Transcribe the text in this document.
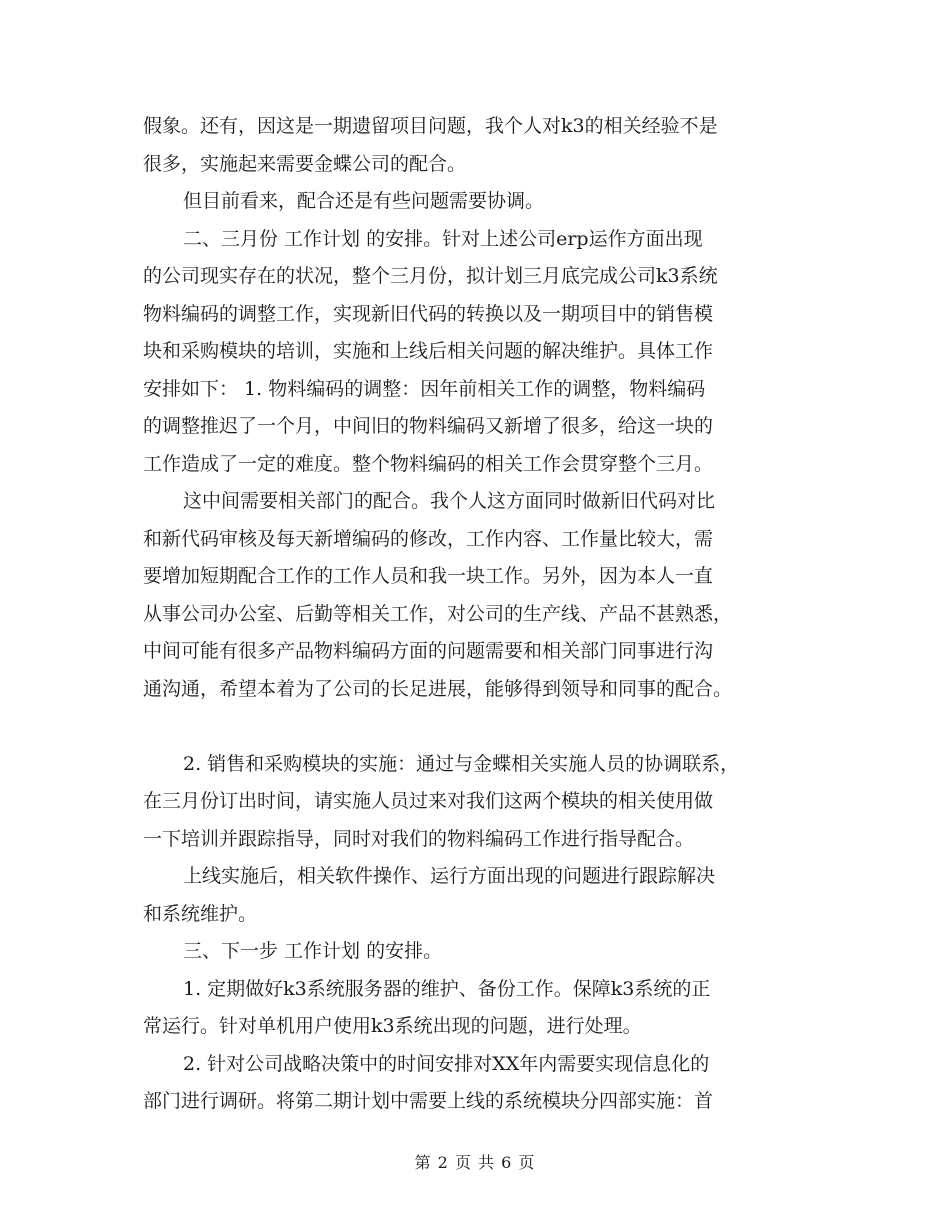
假象。还有，因这是一期遗留项目问题，我个人对k3的相关经验不是
很多，实施起来需要金蝶公司的配合。
但目前看来，配合还是有些问题需要协调。
二、三月份 工作计划 的安排。针对上述公司erp运作方面出现
的公司现实存在的状况，整个三月份，拟计划三月底完成公司k3系统
物料编码的调整工作，实现新旧代码的转换以及一期项目中的销售模
块和采购模块的培训，实施和上线后相关问题的解决维护。具体工作
安排如下： 1. 物料编码的调整：因年前相关工作的调整，物料编码
的调整推迟了一个月，中间旧的物料编码又新增了很多，给这一块的
工作造成了一定的难度。整个物料编码的相关工作会贯穿整个三月。
这中间需要相关部门的配合。我个人这方面同时做新旧代码对比
和新代码审核及每天新增编码的修改，工作内容、工作量比较大，需
要增加短期配合工作的工作人员和我一块工作。另外，因为本人一直
从事公司办公室、后勤等相关工作，对公司的生产线、产品不甚熟悉，
中间可能有很多产品物料编码方面的问题需要和相关部门同事进行沟
通沟通，希望本着为了公司的长足进展，能够得到领导和同事的配合。
2. 销售和采购模块的实施：通过与金蝶相关实施人员的协调联系，
在三月份订出时间，请实施人员过来对我们这两个模块的相关使用做
一下培训并跟踪指导，同时对我们的物料编码工作进行指导配合。
上线实施后，相关软件操作、运行方面出现的问题进行跟踪解决
和系统维护。
三、下一步 工作计划 的安排。
1. 定期做好k3系统服务器的维护、备份工作。保障k3系统的正
常运行。针对单机用户使用k3系统出现的问题，进行处理。
2. 针对公司战略决策中的时间安排对XX年内需要实现信息化的
部门进行调研。将第二期计划中需要上线的系统模块分四部实施：首
第 2 页 共 6 页
